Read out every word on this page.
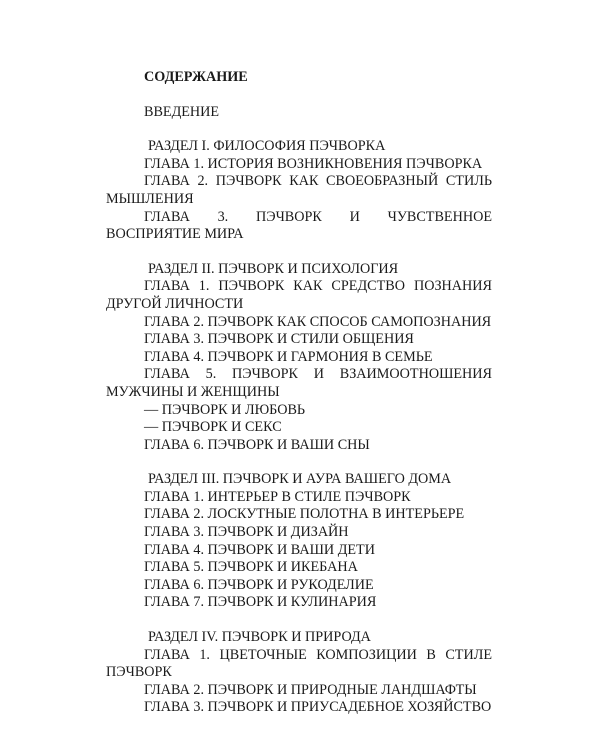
СОДЕРЖАНИЕ
ВВЕДЕНИЕ
РАЗДЕЛ I. ФИЛОСОФИЯ ПЭЧВОРКА
ГЛАВА 1. ИСТОРИЯ ВОЗНИКНОВЕНИЯ ПЭЧВОРКА
ГЛАВА 2. ПЭЧВОРК КАК СВОЕОБРАЗНЫЙ СТИЛЬ МЫШЛЕНИЯ
ГЛАВА 3. ПЭЧВОРК И ЧУВСТВЕННОЕ ВОСПРИЯТИЕ МИРА
РАЗДЕЛ II. ПЭЧВОРК И ПСИХОЛОГИЯ
ГЛАВА 1. ПЭЧВОРК КАК СРЕДСТВО ПОЗНАНИЯ ДРУГОЙ ЛИЧНОСТИ
ГЛАВА 2. ПЭЧВОРК КАК СПОСОБ САМОПОЗНАНИЯ
ГЛАВА 3. ПЭЧВОРК И СТИЛИ ОБЩЕНИЯ
ГЛАВА 4. ПЭЧВОРК И ГАРМОНИЯ В СЕМЬЕ
ГЛАВА 5. ПЭЧВОРК И ВЗАИМООТНОШЕНИЯ МУЖЧИНЫ И ЖЕНЩИНЫ
— ПЭЧВОРК И ЛЮБОВЬ
— ПЭЧВОРК И СЕКС
ГЛАВА 6. ПЭЧВОРК И ВАШИ СНЫ
РАЗДЕЛ III. ПЭЧВОРК И АУРА ВАШЕГО ДОМА
ГЛАВА 1. ИНТЕРЬЕР В СТИЛЕ ПЭЧВОРК
ГЛАВА 2. ЛОСКУТНЫЕ ПОЛОТНА В ИНТЕРЬЕРЕ
ГЛАВА 3. ПЭЧВОРК И ДИЗАЙН
ГЛАВА 4. ПЭЧВОРК И ВАШИ ДЕТИ
ГЛАВА 5. ПЭЧВОРК И ИКЕБАНА
ГЛАВА 6. ПЭЧВОРК И РУКОДЕЛИЕ
ГЛАВА 7. ПЭЧВОРК И КУЛИНАРИЯ
РАЗДЕЛ IV. ПЭЧВОРК И ПРИРОДА
ГЛАВА 1. ЦВЕТОЧНЫЕ КОМПОЗИЦИИ В СТИЛЕ ПЭЧВОРК
ГЛАВА 2. ПЭЧВОРК И ПРИРОДНЫЕ ЛАНДШАФТЫ
ГЛАВА 3. ПЭЧВОРК И ПРИУСАДЕБНОЕ ХОЗЯЙСТВО
